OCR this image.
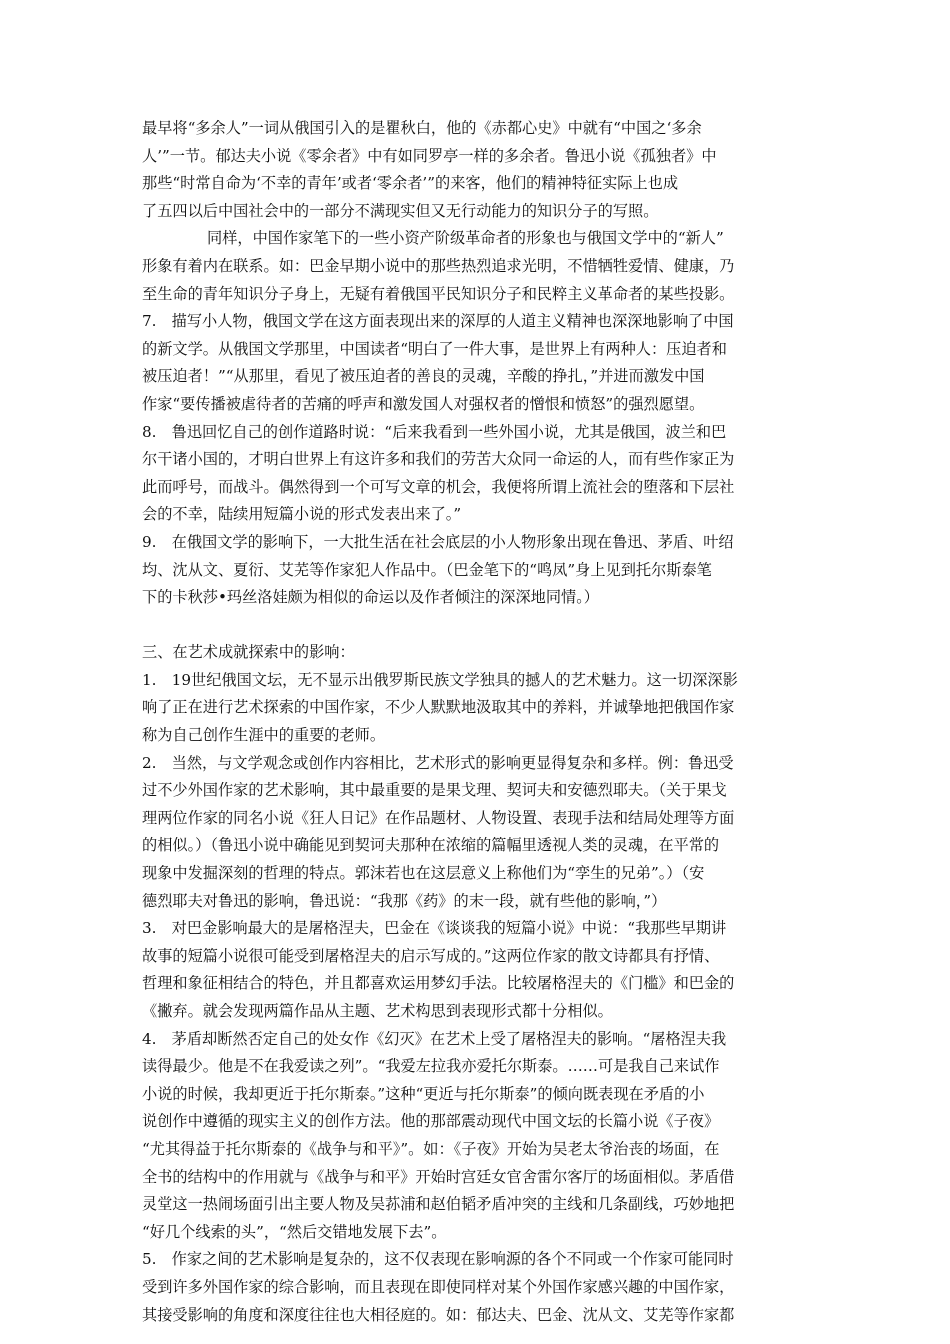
最早将“多余人”一词从俄国引入的是瞿秋白，他的《赤都心史》中就有“中国之‘多余
人’”一节。郁达夫小说《零余者》中有如同罗亭一样的多余者。鲁迅小说《孤独者》中
那些“时常自命为‘不幸的青年’或者‘零余者’”的来客，他们的精神特征实际上也成
了五四以后中国社会中的一部分不满现实但又无行动能力的知识分子的写照。
同样，中国作家笔下的一些小资产阶级革命者的形象也与俄国文学中的“新人”
形象有着内在联系。如：巴金早期小说中的那些热烈追求光明，不惜牺牲爱情、健康，乃
至生命的青年知识分子身上，无疑有着俄国平民知识分子和民粹主义革命者的某些投影。
7.　描写小人物，俄国文学在这方面表现出来的深厚的人道主义精神也深深地影响了中国
的新文学。从俄国文学那里，中国读者“明白了一件大事，是世界上有两种人：压迫者和
被压迫者！”“从那里，看见了被压迫者的善良的灵魂，辛酸的挣扎，”并进而激发中国
作家“要传播被虐待者的苦痛的呼声和激发国人对强权者的憎恨和愤怒”的强烈愿望。
8.　鲁迅回忆自己的创作道路时说：“后来我看到一些外国小说，尤其是俄国，波兰和巴
尔干诸小国的，才明白世界上有这许多和我们的劳苦大众同一命运的人，而有些作家正为
此而呼号，而战斗。偶然得到一个可写文章的机会，我便将所谓上流社会的堕落和下层社
会的不幸，陆续用短篇小说的形式发表出来了。”
9.　在俄国文学的影响下，一大批生活在社会底层的小人物形象出现在鲁迅、茅盾、叶绍
均、沈从文、夏衍、艾芜等作家犯人作品中。（巴金笔下的“鸣凤”身上见到托尔斯泰笔
下的卡秋莎•玛丝洛娃颇为相似的命运以及作者倾注的深深地同情。）
三、在艺术成就探索中的影响：
1.　19世纪俄国文坛，无不显示出俄罗斯民族文学独具的撼人的艺术魅力。这一切深深影
响了正在进行艺术探索的中国作家，不少人默默地汲取其中的养料，并诚挚地把俄国作家
称为自己创作生涯中的重要的老师。
2.　当然，与文学观念或创作内容相比，艺术形式的影响更显得复杂和多样。例：鲁迅受
过不少外国作家的艺术影响，其中最重要的是果戈理、契诃夫和安德烈耶夫。（关于果戈
理两位作家的同名小说《狂人日记》在作品题材、人物设置、表现手法和结局处理等方面
的相似。）（鲁迅小说中确能见到契诃夫那种在浓缩的篇幅里透视人类的灵魂，在平常的
现象中发掘深刻的哲理的特点。郭沫若也在这层意义上称他们为“孪生的兄弟”。）（安
德烈耶夫对鲁迅的影响，鲁迅说：“我那《药》的末一段，就有些他的影响，”）
3.　对巴金影响最大的是屠格涅夫，巴金在《谈谈我的短篇小说》中说：“我那些早期讲
故事的短篇小说很可能受到屠格涅夫的启示写成的。”这两位作家的散文诗都具有抒情、
哲理和象征相结合的特色，并且都喜欢运用梦幻手法。比较屠格涅夫的《门槛》和巴金的
《撇弃。就会发现两篇作品从主题、艺术构思到表现形式都十分相似。
4.　茅盾却断然否定自己的处女作《幻灭》在艺术上受了屠格涅夫的影响。“屠格涅夫我
读得最少。他是不在我爱读之列”。“我爱左拉我亦爱托尔斯泰。……可是我自己来试作
小说的时候，我却更近于托尔斯泰。”这种“更近与托尔斯泰”的倾向既表现在矛盾的小
说创作中遵循的现实主义的创作方法。他的那部震动现代中国文坛的长篇小说《子夜》
“尤其得益于托尔斯泰的《战争与和平》”。如：《子夜》开始为吴老太爷治丧的场面，在
全书的结构中的作用就与《战争与和平》开始时宫廷女官舍雷尔客厅的场面相似。茅盾借
灵堂这一热闹场面引出主要人物及吴荪浦和赵伯韬矛盾冲突的主线和几条副线，巧妙地把
“好几个线索的头”，“然后交错地发展下去”。
5.　作家之间的艺术影响是复杂的，这不仅表现在影响源的各个不同或一个作家可能同时
受到许多外国作家的综合影响，而且表现在即使同样对某个外国作家感兴趣的中国作家，
其接受影响的角度和深度往往也大相径庭的。如：郁达夫、巴金、沈从文、艾芜等作家都
